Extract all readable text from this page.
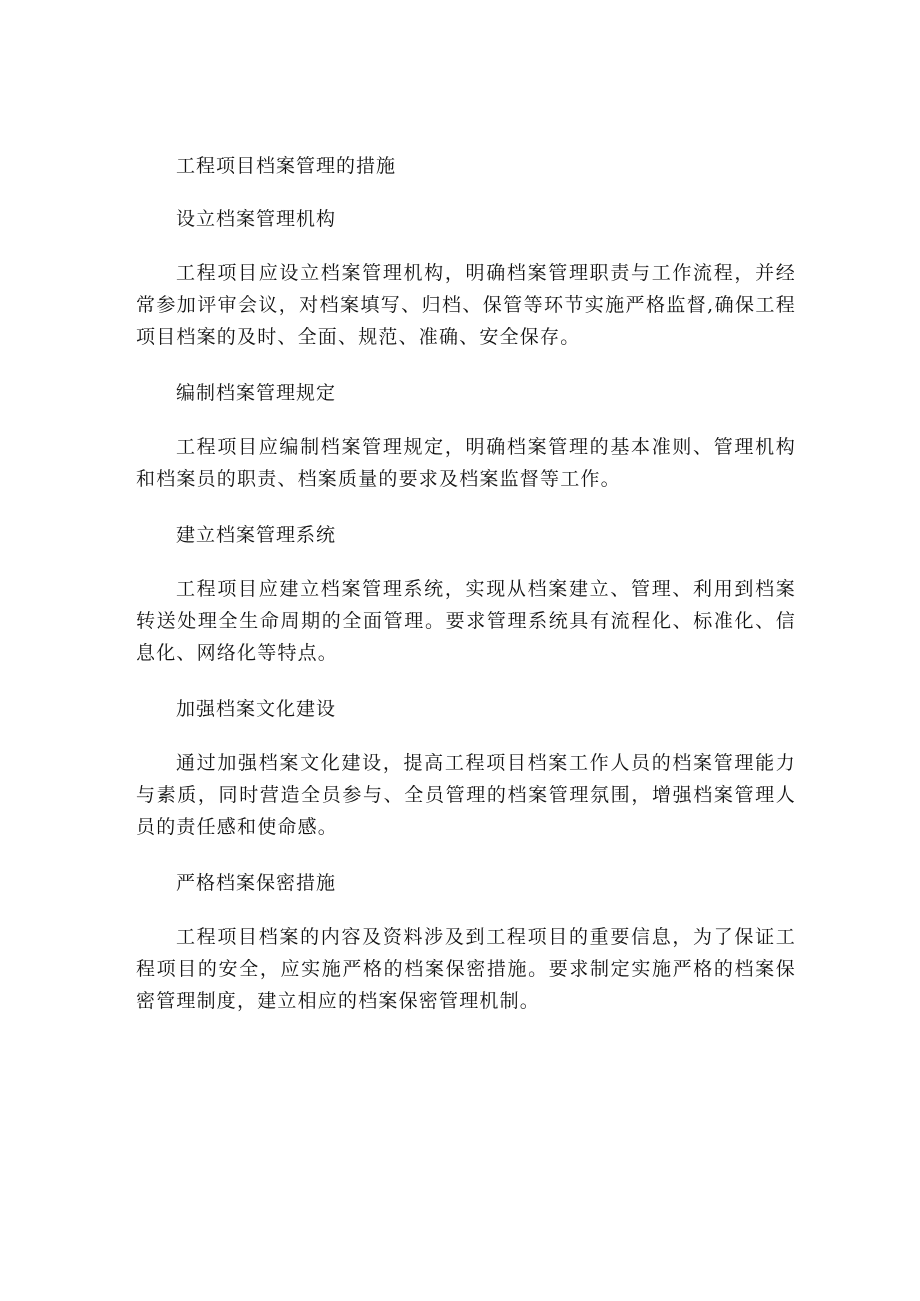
工程项目档案管理的措施
设立档案管理机构
工程项目应设立档案管理机构，明确档案管理职责与工作流程，并经常参加评审会议，对档案填写、归档、保管等环节实施严格监督,确保工程项目档案的及时、全面、规范、准确、安全保存。
编制档案管理规定
工程项目应编制档案管理规定，明确档案管理的基本准则、管理机构和档案员的职责、档案质量的要求及档案监督等工作。
建立档案管理系统
工程项目应建立档案管理系统，实现从档案建立、管理、利用到档案转送处理全生命周期的全面管理。要求管理系统具有流程化、标准化、信息化、网络化等特点。
加强档案文化建设
通过加强档案文化建设，提高工程项目档案工作人员的档案管理能力与素质，同时营造全员参与、全员管理的档案管理氛围，增强档案管理人员的责任感和使命感。
严格档案保密措施
工程项目档案的内容及资料涉及到工程项目的重要信息，为了保证工程项目的安全，应实施严格的档案保密措施。要求制定实施严格的档案保密管理制度，建立相应的档案保密管理机制。
